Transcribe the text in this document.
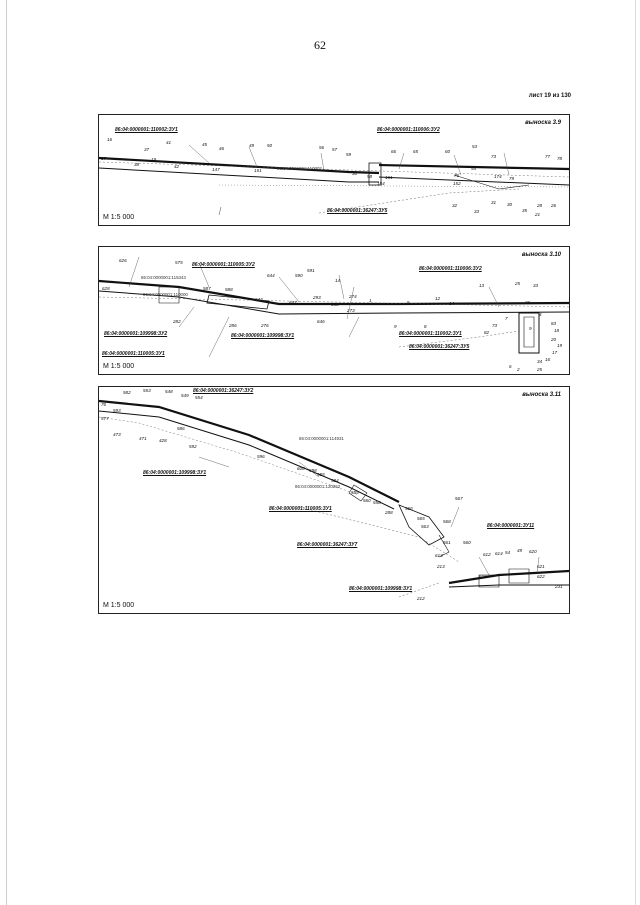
62
лист 19 из 130
выноска 3.9
М 1:5 000
86:04:0000001:110002:ЗУ1	86:04:0000001:110006:ЗУ2
86:04:0000001:36247:ЗУ5
86:04:0000001:110002
16
37
41	45
46
49	50	56 57
59
66	65	60
53
73	77 78
17	19
38	42
147	151
30
58	161	76
54
174 79
152
154
32
33
31 30
35
28
21
26
выноска 3.10
М 1:5 000
86:04:0000001:110005:ЗУ2
86:04:0000001:110006:ЗУ2
86:04:0000001:109998:ЗУ2
86:04:0000001:110005:ЗУ1
86:04:0000001:109998:ЗУ1	86:04:0000001:110002:ЗУ1
86:04:0000001:36247:ЗУ5
86:04:0000001:115343
86:04:0000001:110000
626	575
644	590
591
14
13	25	33
628	587	588
642
647
293	274
1	5
12
14	26
282
286	276
646
650
273
9	8	73
82
83
18
20
19
17
16
34
6
2	25
7
9
4
выноска 3.11
М 1:5 000
86:04:0000001:36247:ЗУ2
86:04:0000001:109998:ЗУ1
86:04:0000001:110005:ЗУ1
86:04:0000001:36247:ЗУ7
86:04:0000001:ЗУ11
86:04:0000001:109998:ЗУ1
86:04:0000001:114931
86:04:0000001:120262
582	553	548
549 554
76
593
577
473
471	428
586
592
596
600 598
555
584
555
560 558
288
566
567
565
563
568
561	560
613	612 614 54 49 620
213
615
621
622
231
212
